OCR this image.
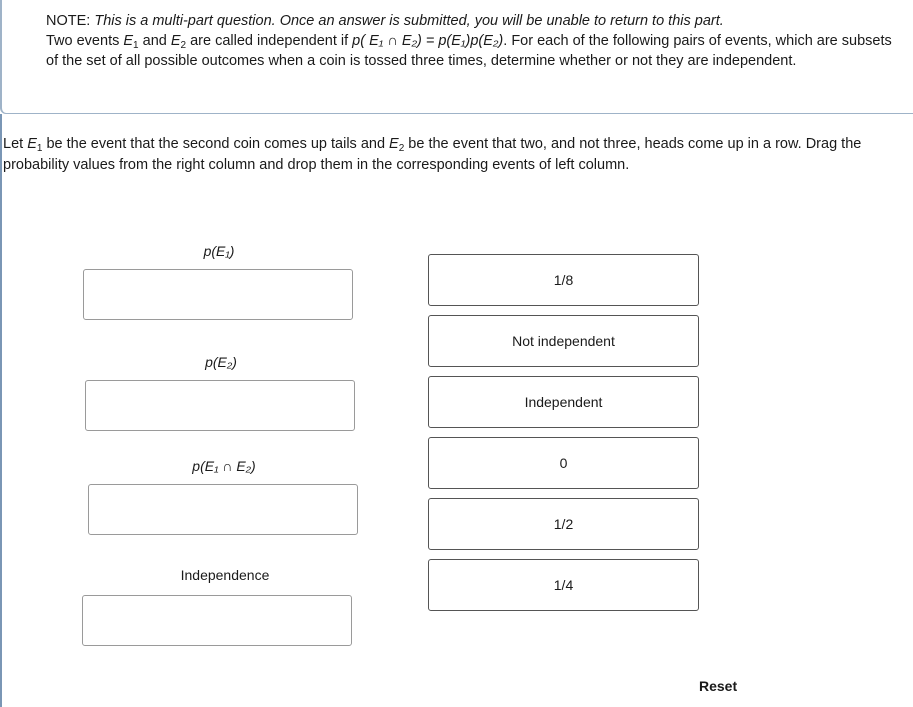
NOTE: This is a multi-part question. Once an answer is submitted, you will be unable to return to this part.
Two events $E_1$ and $E_2$ are called independent if p( E₁ ∩ E₂) = p(E₁)p(E₂). For each of the following pairs of events, which are subsets of the set of all possible outcomes when a coin is tossed three times, determine whether or not they are independent.
Let $E_1$ be the event that the second coin comes up tails and $E_2$ be the event that two, and not three, heads come up in a row. Drag the probability values from the right column and drop them in the corresponding events of left column.
p(E₁)
p(E₂)
p(E₁ ∩ E₂)
Independence
1/8
Not independent
Independent
0
1/2
1/4
Reset
